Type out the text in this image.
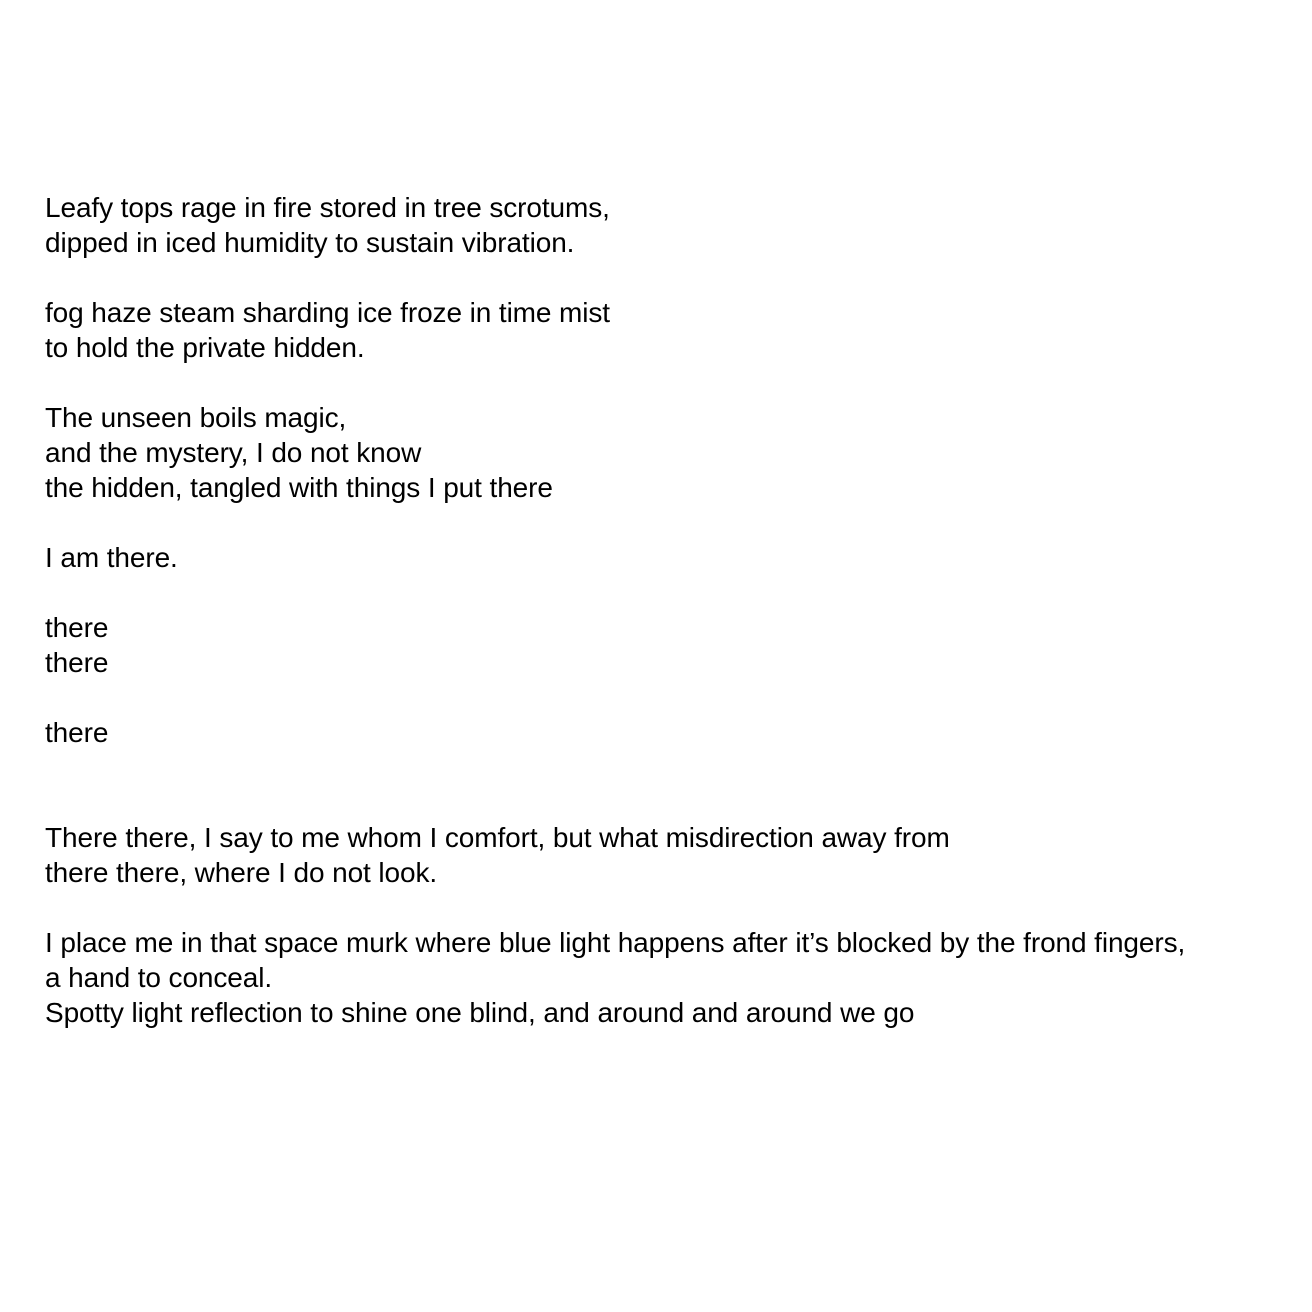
Leafy tops rage in fire stored in tree scrotums,
dipped in iced humidity to sustain vibration.
fog haze steam sharding ice froze in time mist
to hold the private hidden.
The unseen boils magic,
and the mystery, I do not know
the hidden, tangled with things I put there
I am there.
there
there
there
There there, I say to me whom I comfort, but what misdirection away from
there there, where I do not look.
I place me in that space murk where blue light happens after it’s blocked by the frond fingers,
a hand to conceal.
Spotty light reflection to shine one blind, and around and around we go
